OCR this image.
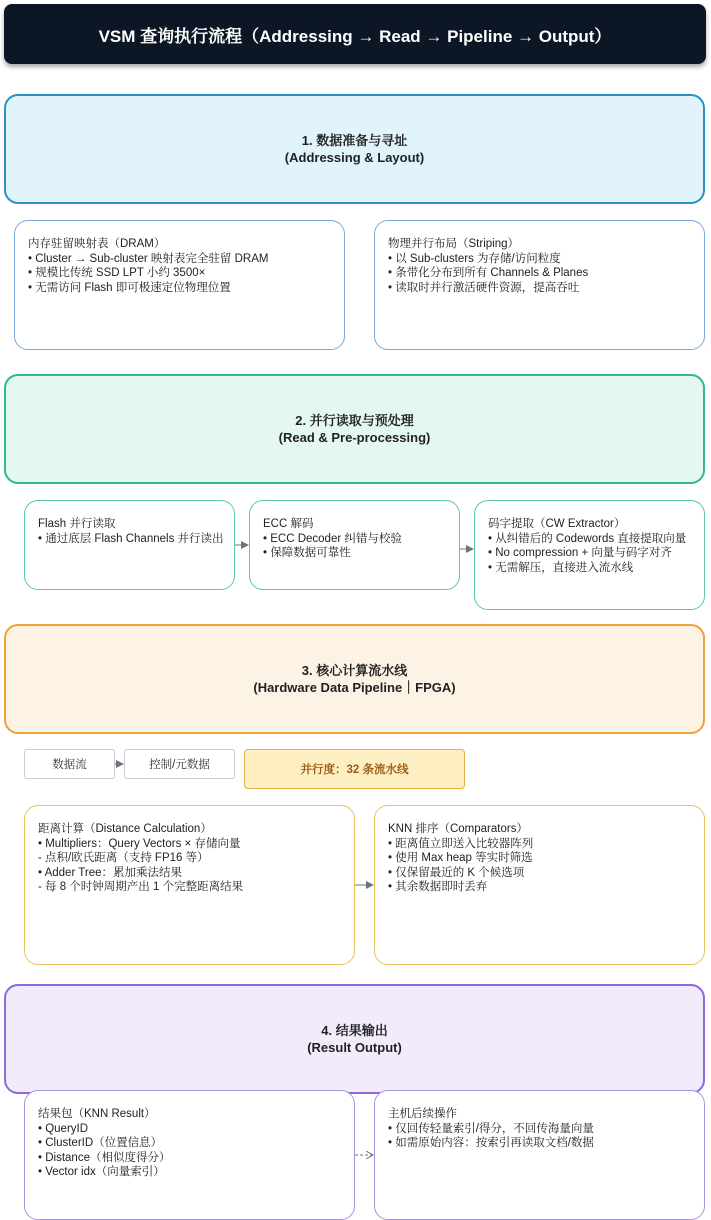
VSM 查询执行流程（Addressing → Read → Pipeline → Output）
1. 数据准备与寻址
(Addressing & Layout)
内存驻留映射表（DRAM）
• Cluster → Sub-cluster 映射表完全驻留 DRAM
• 规模比传统 SSD LPT 小约 3500×
• 无需访问 Flash 即可极速定位物理位置
物理并行布局（Striping）
• 以 Sub-clusters 为存储/访问粒度
• 条带化分布到所有 Channels & Planes
• 读取时并行激活硬件资源，提高吞吐
2. 并行读取与预处理
(Read & Pre-processing)
Flash 并行读取
• 通过底层 Flash Channels 并行读出
ECC 解码
• ECC Decoder 纠错与校验
• 保障数据可靠性
码字提取（CW Extractor）
• 从纠错后的 Codewords 直接提取向量
• No compression + 向量与码字对齐
• 无需解压，直接进入流水线
3. 核心计算流水线
(Hardware Data Pipeline｜FPGA)
数据流	控制/元数据	并行度：32 条流水线
距离计算（Distance Calculation）
• Multipliers：Query Vectors × 存储向量
- 点积/欧氏距离（支持 FP16 等）
• Adder Tree：累加乘法结果
- 每 8 个时钟周期产出 1 个完整距离结果
KNN 排序（Comparators）
• 距离值立即送入比较器阵列
• 使用 Max heap 等实时筛选
• 仅保留最近的 K 个候选项
• 其余数据即时丢弃
4. 结果输出
(Result Output)
结果包（KNN Result）
• QueryID
• ClusterID（位置信息）
• Distance（相似度得分）
• Vector idx（向量索引）
主机后续操作
• 仅回传轻量索引/得分，不回传海量向量
• 如需原始内容：按索引再读取文档/数据
